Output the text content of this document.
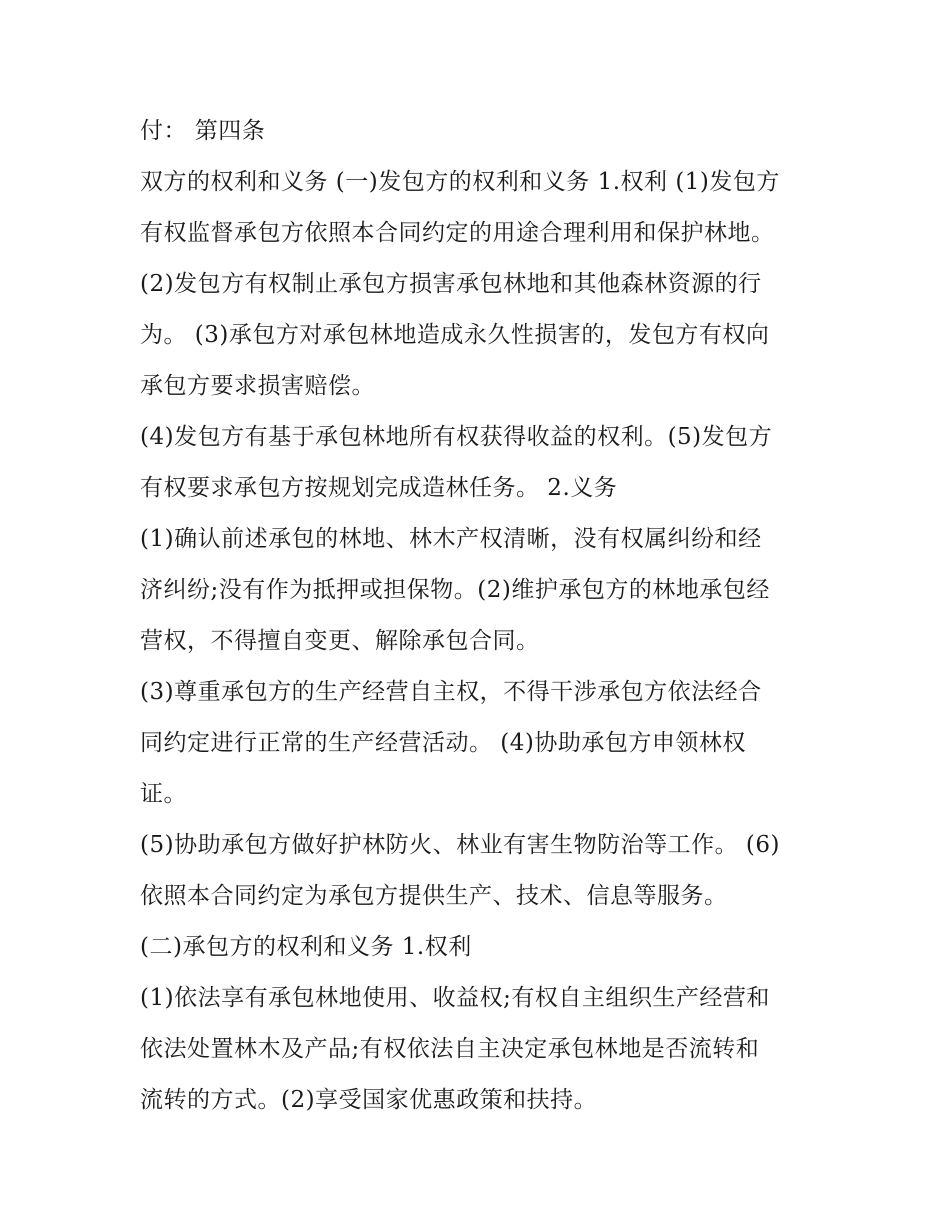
付： 第四条
双方的权利和义务 (一)发包方的权利和义务 1.权利 (1)发包方
有权监督承包方依照本合同约定的用途合理利用和保护林地。
(2)发包方有权制止承包方损害承包林地和其他森林资源的行
为。 (3)承包方对承包林地造成永久性损害的，发包方有权向
承包方要求损害赔偿。
(4)发包方有基于承包林地所有权获得收益的权利。(5)发包方
有权要求承包方按规划完成造林任务。 2.义务
(1)确认前述承包的林地、林木产权清晰，没有权属纠纷和经
济纠纷;没有作为抵押或担保物。(2)维护承包方的林地承包经
营权，不得擅自变更、解除承包合同。
(3)尊重承包方的生产经营自主权，不得干涉承包方依法经合
同约定进行正常的生产经营活动。 (4)协助承包方申领林权
证。
(5)协助承包方做好护林防火、林业有害生物防治等工作。 (6)
依照本合同约定为承包方提供生产、技术、信息等服务。
(二)承包方的权利和义务 1.权利
(1)依法享有承包林地使用、收益权;有权自主组织生产经营和
依法处置林木及产品;有权依法自主决定承包林地是否流转和
流转的方式。(2)享受国家优惠政策和扶持。
